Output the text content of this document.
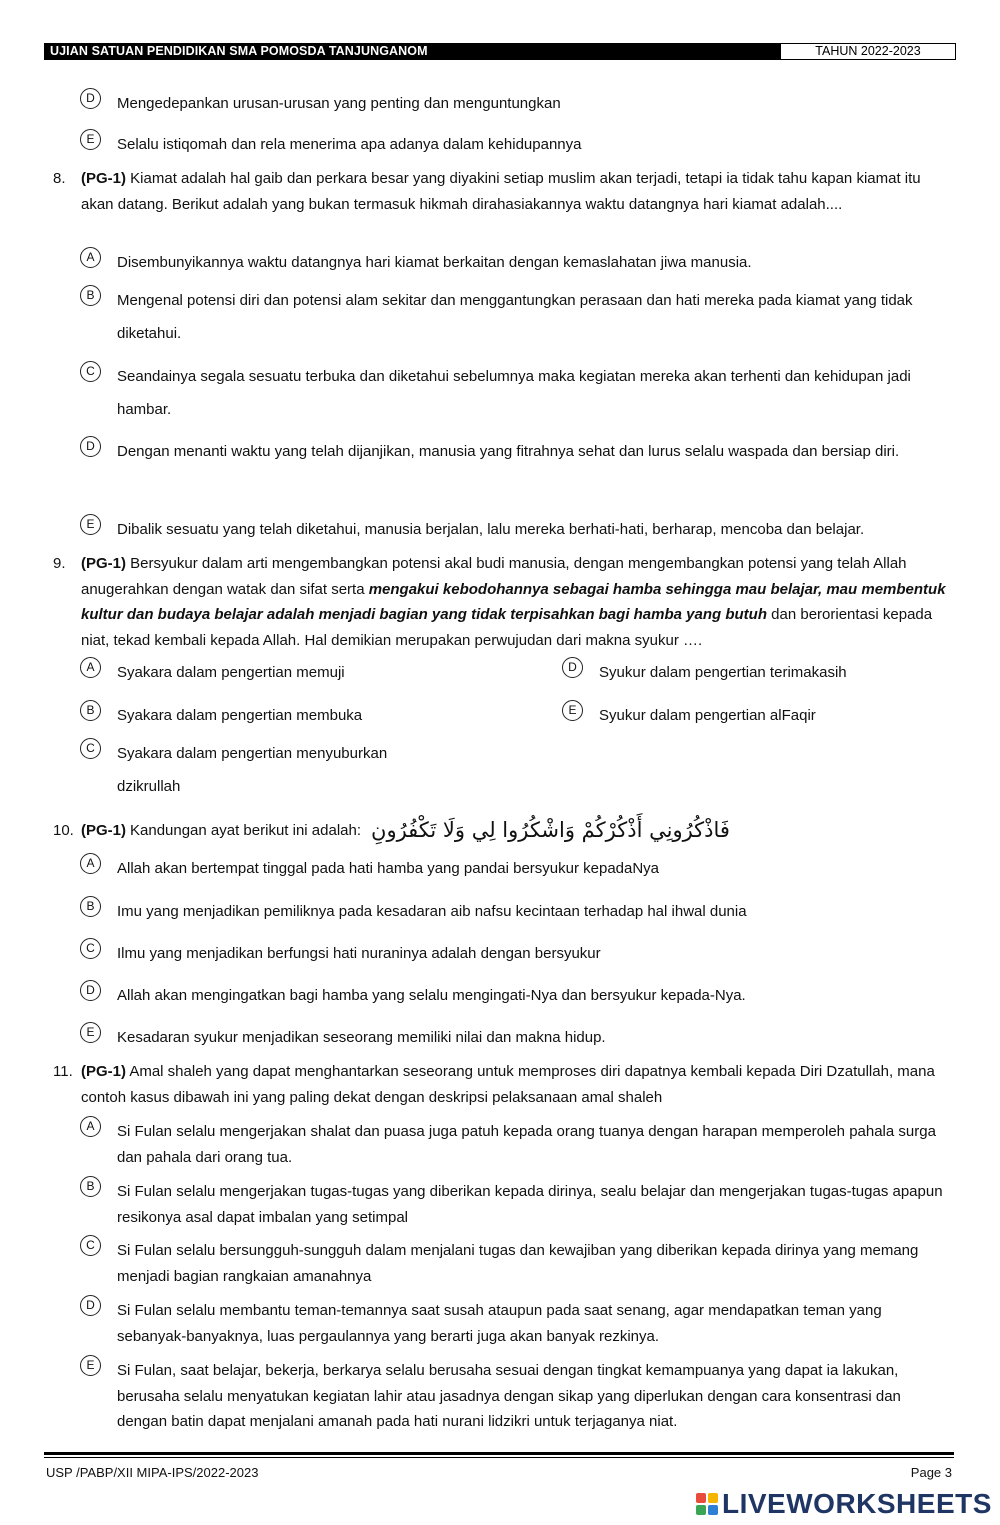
UJIAN SATUAN PENDIDIKAN SMA POMOSDA TANJUNGANOM	TAHUN 2022-2023
D	Mengedepankan urusan-urusan yang penting dan menguntungkan
E	Selalu istiqomah dan rela menerima apa adanya dalam kehidupannya
8. (PG-1) Kiamat adalah hal gaib dan perkara besar yang diyakini setiap muslim akan terjadi, tetapi ia tidak tahu kapan kiamat itu akan datang. Berikut adalah yang bukan termasuk hikmah dirahasiakannya waktu datangnya hari kiamat adalah....
A	Disembunyikannya waktu datangnya hari kiamat berkaitan dengan kemaslahatan jiwa manusia.
B	Mengenal potensi diri dan potensi alam sekitar dan menggantungkan perasaan dan hati mereka pada kiamat yang tidak diketahui.
C	Seandainya segala sesuatu terbuka dan diketahui sebelumnya maka kegiatan mereka akan terhenti dan kehidupan jadi hambar.
D	Dengan menanti waktu yang telah dijanjikan, manusia yang fitrahnya sehat dan lurus selalu waspada dan bersiap diri.
E	Dibalik sesuatu yang telah diketahui, manusia berjalan, lalu mereka berhati-hati, berharap, mencoba dan belajar.
9. (PG-1) Bersyukur dalam arti mengembangkan potensi akal budi manusia, dengan mengembangkan potensi yang telah Allah anugerahkan dengan watak dan sifat serta mengakui kebodohannya sebagai hamba sehingga mau belajar, mau membentuk kultur dan budaya belajar adalah menjadi bagian yang tidak terpisahkan bagi hamba yang butuh dan berorientasi kepada niat, tekad kembali kepada Allah. Hal demikian merupakan perwujudan dari makna syukur ….
A	Syakara dalam pengertian memuji
B	Syakara dalam pengertian membuka
C	Syakara dalam pengertian menyuburkan dzikrullah
D	Syukur dalam pengertian terimakasih
E	Syukur dalam pengertian alFaqir
10. (PG-1) Kandungan ayat berikut ini adalah: فَاذْكُرُونِي أَذْكُرْكُمْ وَاشْكُرُوا لِي وَلَا تَكْفُرُونِ
A	Allah akan bertempat tinggal pada hati hamba yang pandai bersyukur kepadaNya
B	Imu yang menjadikan pemiliknya pada kesadaran aib nafsu kecintaan terhadap hal ihwal dunia
C	Ilmu yang menjadikan berfungsi hati nuraninya adalah dengan bersyukur
D	Allah akan mengingatkan bagi hamba yang selalu mengingati-Nya dan bersyukur kepada-Nya.
E	Kesadaran syukur menjadikan seseorang memiliki nilai dan makna hidup.
11. (PG-1) Amal shaleh yang dapat menghantarkan seseorang untuk memproses diri dapatnya kembali kepada Diri Dzatullah, mana contoh kasus dibawah ini yang paling dekat dengan deskripsi pelaksanaan amal shaleh
A	Si Fulan selalu mengerjakan shalat dan puasa juga patuh kepada orang tuanya dengan harapan memperoleh pahala surga dan pahala dari orang tua.
B	Si Fulan selalu mengerjakan tugas-tugas yang diberikan kepada dirinya, sealu belajar dan mengerjakan tugas-tugas apapun resikonya asal dapat imbalan yang setimpal
C	Si Fulan selalu bersungguh-sungguh dalam menjalani tugas dan kewajiban yang diberikan kepada dirinya yang memang menjadi bagian rangkaian amanahnya
D	Si Fulan selalu membantu teman-temannya saat susah ataupun pada saat senang, agar mendapatkan teman yang sebanyak-banyaknya, luas pergaulannya yang berarti juga akan banyak rezkinya.
E	Si Fulan, saat belajar, bekerja, berkarya selalu berusaha sesuai dengan tingkat kemampuanya yang dapat ia lakukan, berusaha selalu menyatukan kegiatan lahir atau jasadnya dengan sikap yang diperlukan dengan cara konsentrasi dan dengan batin dapat menjalani amanah pada hati nurani lidzikri untuk terjaganya niat.
USP /PABP/XII MIPA-IPS/2022-2023	Page 3
LIVEWORKSHEETS
